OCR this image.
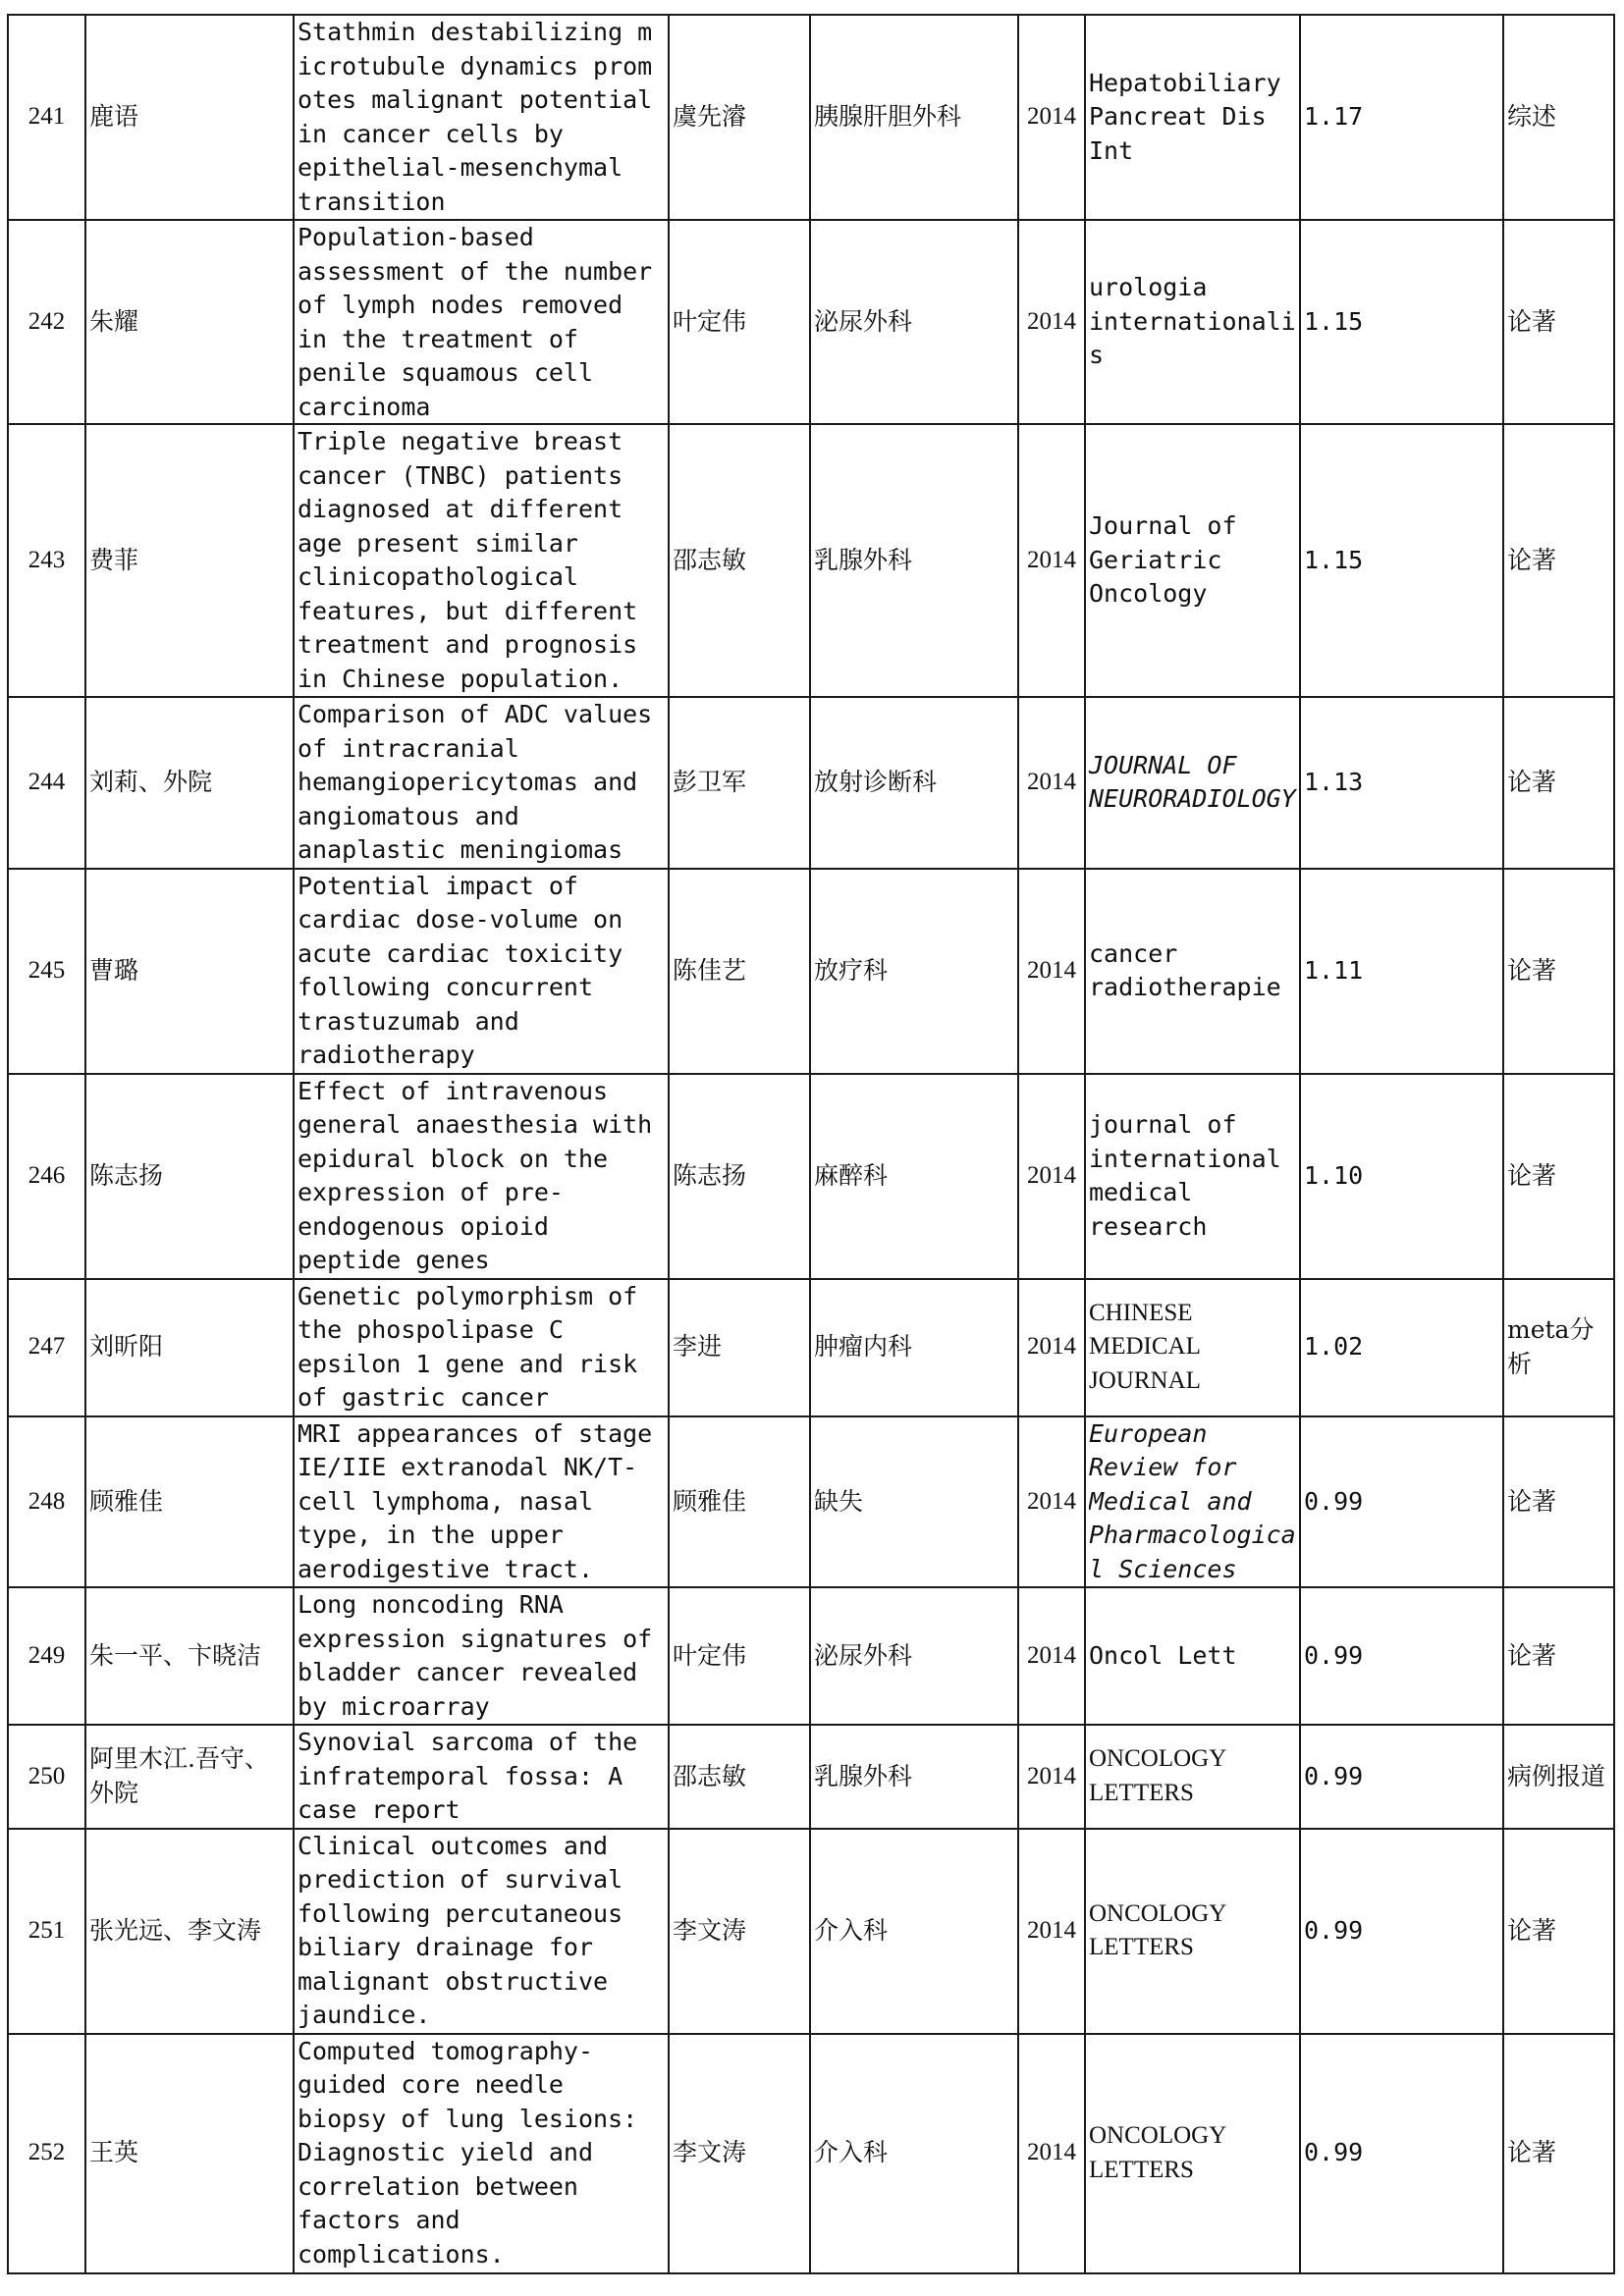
241	鹿语	Stathmin destabilizing m icrotubule dynamics prom otes malignant potential in cancer cells by epithelial-mesenchymal transition	虞先濬	胰腺肝胆外科	2014	Hepatobiliary Pancreat Dis Int	1.17	综述
242	朱耀	Population-based assessment of the number of lymph nodes removed in the treatment of penile squamous cell carcinoma	叶定伟	泌尿外科	2014	urologia internationali s	1.15	论著
243	费菲	Triple negative breast cancer (TNBC) patients diagnosed at different age present similar clinicopathological features, but different treatment and prognosis in Chinese population.	邵志敏	乳腺外科	2014	Journal of Geriatric Oncology	1.15	论著
244	刘莉、外院	Comparison of ADC values of intracranial hemangiopericytomas and angiomatous and anaplastic meningiomas	彭卫军	放射诊断科	2014	JOURNAL OF NEURORADIOLOGY	1.13	论著
245	曹璐	Potential impact of cardiac dose‑volume on acute cardiac toxicity following concurrent trastuzumab and radiotherapy	陈佳艺	放疗科	2014	cancer radiotherapie	1.11	论著
246	陈志扬	Effect of intravenous general anaesthesia with epidural block on the expression of pre-endogenous opioid peptide genes	陈志扬	麻醉科	2014	journal of international medical research	1.10	论著
247	刘昕阳	Genetic polymorphism of the phospolipase C epsilon 1 gene and risk of gastric cancer	李进	肿瘤内科	2014	CHINESE MEDICAL JOURNAL	1.02	meta分析
248	顾雅佳	MRI appearances of stage IE/IIE extranodal NK/T-cell lymphoma, nasal type, in the upper aerodigestive tract.	顾雅佳	缺失	2014	European Review for Medical and Pharmacologica l Sciences	0.99	论著
249	朱一平、卞晓洁	Long noncoding RNA expression signatures of bladder cancer revealed by microarray	叶定伟	泌尿外科	2014	Oncol Lett	0.99	论著
250	阿里木江.吾守、外院	Synovial sarcoma of the infratemporal fossa: A case report	邵志敏	乳腺外科	2014	ONCOLOGY LETTERS	0.99	病例报道
251	张光远、李文涛	Clinical outcomes and prediction of survival following percutaneous biliary drainage for malignant obstructive jaundice.	李文涛	介入科	2014	ONCOLOGY LETTERS	0.99	论著
252	王英	Computed tomography-guided core needle biopsy of lung lesions: Diagnostic yield and correlation between factors and complications.	李文涛	介入科	2014	ONCOLOGY LETTERS	0.99	论著
